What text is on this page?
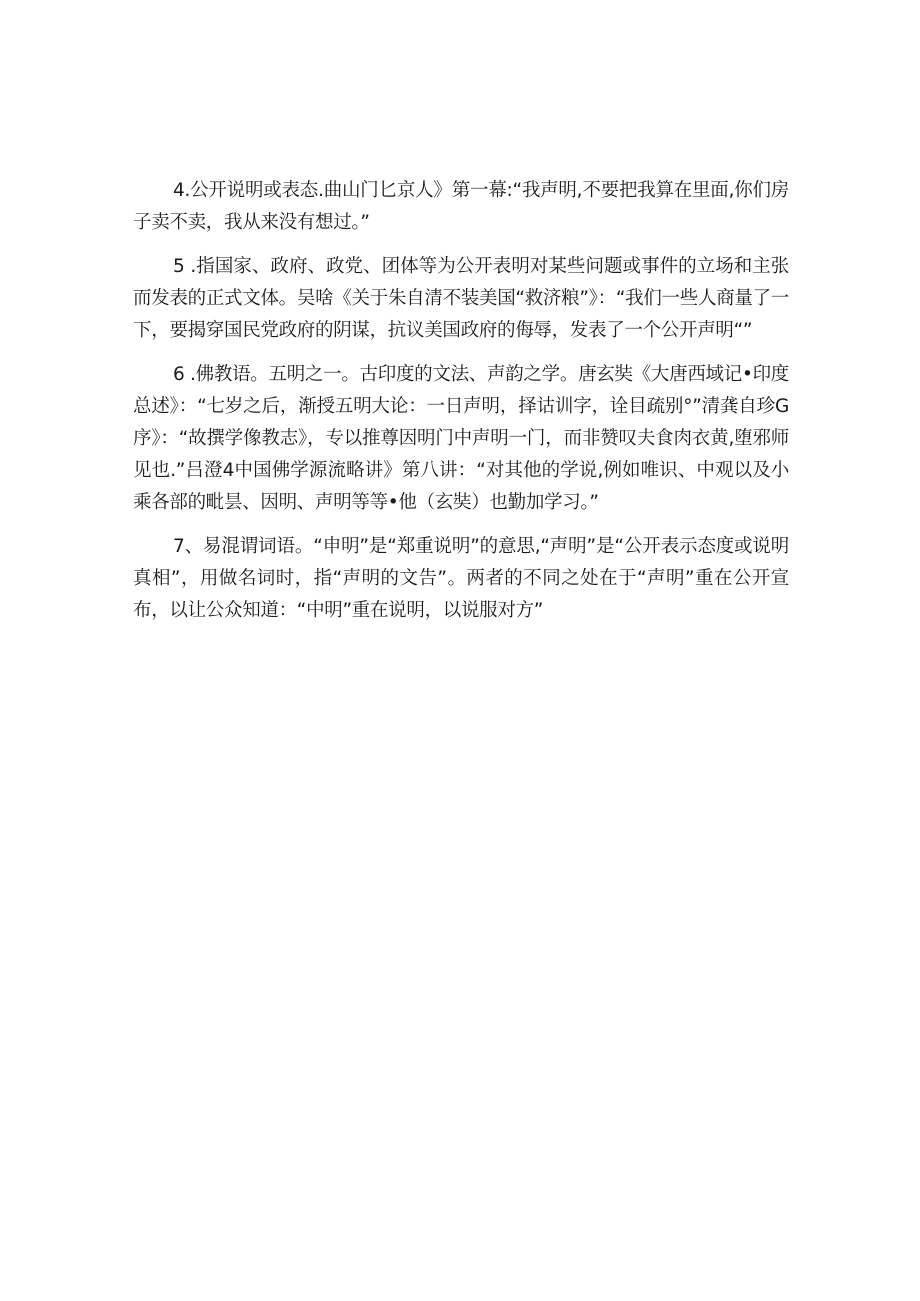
4.公开说明或表态.曲山门匕京人》第一幕:“我声明,不要把我算在里面,你们房子卖不卖，我从来没有想过。”

5 .指国家、政府、政党、团体等为公开表明对某些问题或事件的立场和主张而发表的正式文体。吴啥《关于朱自清不装美国“救济粮”》：“我们一些人商量了一下，要揭穿国民党政府的阴谋，抗议美国政府的侮辱，发表了一个公开声明“”

6 .佛教语。五明之一。古印度的文法、声韵之学。唐玄奘《大唐西域记•印度总述》：“七岁之后，渐授五明大论：一日声明，择诂训字，诠目疏别°”清龚自珍G序》：“故撰学像教志》，专以推尊因明门中声明一门，而非赞叹夫食肉衣黄,堕邪师见也.”吕澄4中国佛学源流略讲》第八讲：“对其他的学说,例如唯识、中观以及小乘各部的毗昙、因明、声明等等•他（玄奘）也勤加学习。”

7、易混谓词语。“申明”是“郑重说明”的意思,“声明”是“公开表示态度或说明真相”，用做名词时，指“声明的文告”。两者的不同之处在于“声明”重在公开宣布，以让公众知道：“中明”重在说明，以说服对方”
